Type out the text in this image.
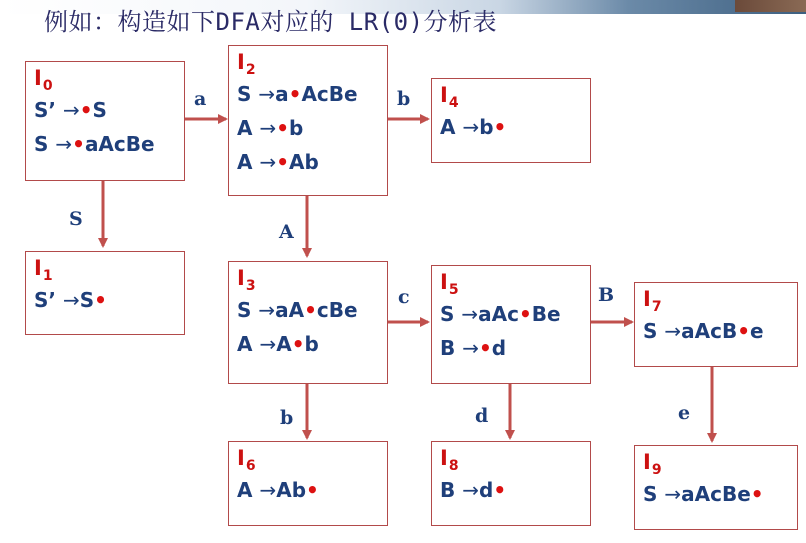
例如：构造如下DFA对应的 LR(0)分析表
a
S
b
A
c
b
B
d	e
$I_0$
S’ →•S
S →•aAcBe
$I_1$
S’ →S•
$I_2$
S →a•AcBe
A →•b
A →•Ab
$I_3$
S →aA•cBe
A →A•b
$I_4$
A →b•
$I_5$
S →aAc•Be
B →•d
$I_6$
A →Ab•
$I_7$
S →aAcB•e
$I_8$
B →d•
$I_9$
S →aAcBe•
